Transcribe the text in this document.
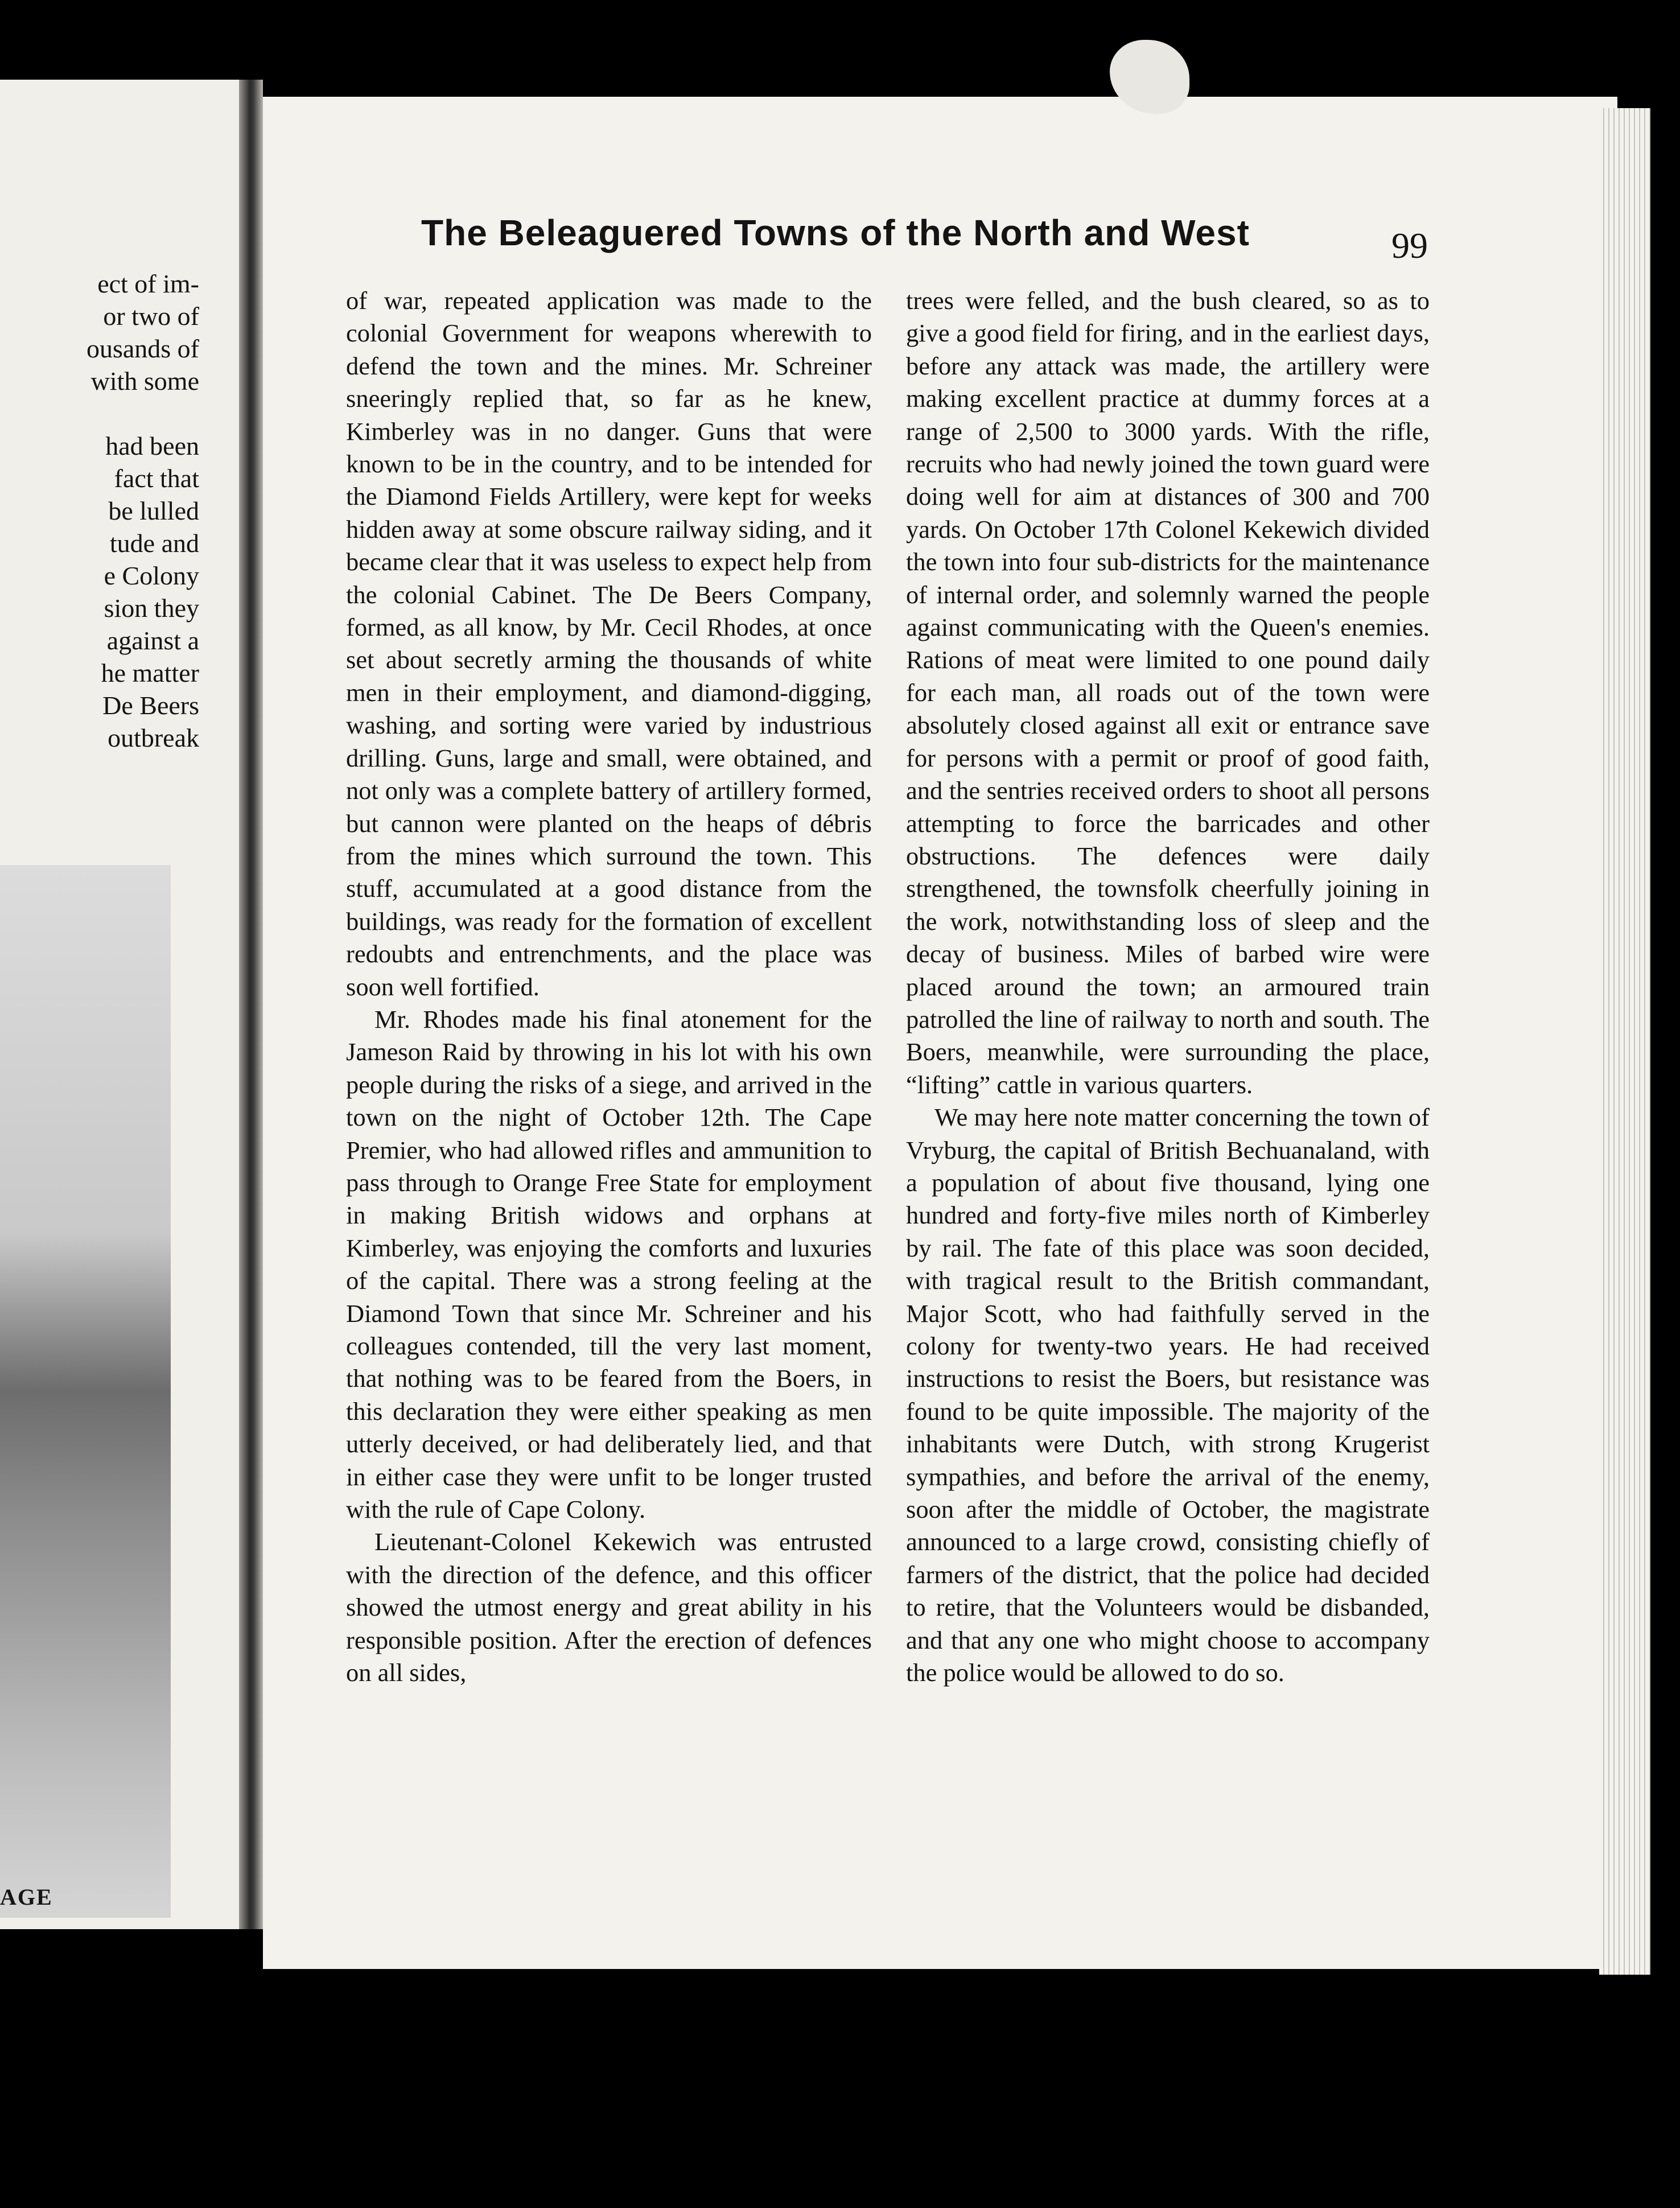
ect of im-
or two of
ousands of
with some

had been
fact that
be lulled
tude and
e Colony
sion they
against a
he matter
De Beers
outbreak
AGE
The Beleaguered Towns of the North and West	99

of war, repeated application was made to the colonial Government for weapons wherewith to defend the town and the mines. Mr. Schreiner sneeringly replied that, so far as he knew, Kimberley was in no danger. Guns that were known to be in the country, and to be intended for the Diamond Fields Artillery, were kept for weeks hidden away at some obscure railway siding, and it became clear that it was useless to expect help from the colonial Cabinet. The De Beers Company, formed, as all know, by Mr. Cecil Rhodes, at once set about secretly arming the thousands of white men in their employment, and diamond-digging, washing, and sorting were varied by industrious drilling. Guns, large and small, were obtained, and not only was a complete battery of artillery formed, but cannon were planted on the heaps of débris from the mines which surround the town. This stuff, accumulated at a good distance from the buildings, was ready for the formation of excellent redoubts and entrenchments, and the place was soon well fortified.

Mr. Rhodes made his final atonement for the Jameson Raid by throwing in his lot with his own people during the risks of a siege, and arrived in the town on the night of October 12th. The Cape Premier, who had allowed rifles and ammunition to pass through to Orange Free State for employment in making British widows and orphans at Kimberley, was enjoying the comforts and luxuries of the capital. There was a strong feeling at the Diamond Town that since Mr. Schreiner and his colleagues contended, till the very last moment, that nothing was to be feared from the Boers, in this declaration they were either speaking as men utterly deceived, or had deliberately lied, and that in either case they were unfit to be longer trusted with the rule of Cape Colony.

Lieutenant-Colonel Kekewich was entrusted with the direction of the defence, and this officer showed the utmost energy and great ability in his responsible position. After the erection of defences on all sides,

trees were felled, and the bush cleared, so as to give a good field for firing, and in the earliest days, before any attack was made, the artillery were making excellent practice at dummy forces at a range of 2,500 to 3000 yards. With the rifle, recruits who had newly joined the town guard were doing well for aim at distances of 300 and 700 yards. On October 17th Colonel Kekewich divided the town into four sub-districts for the maintenance of internal order, and solemnly warned the people against communicating with the Queen's enemies. Rations of meat were limited to one pound daily for each man, all roads out of the town were absolutely closed against all exit or entrance save for persons with a permit or proof of good faith, and the sentries received orders to shoot all persons attempting to force the barricades and other obstructions. The defences were daily strengthened, the townsfolk cheerfully joining in the work, notwithstanding loss of sleep and the decay of business. Miles of barbed wire were placed around the town; an armoured train patrolled the line of railway to north and south. The Boers, meanwhile, were surrounding the place, “lifting” cattle in various quarters.

We may here note matter concerning the town of Vryburg, the capital of British Bechuanaland, with a population of about five thousand, lying one hundred and forty-five miles north of Kimberley by rail. The fate of this place was soon decided, with tragical result to the British commandant, Major Scott, who had faithfully served in the colony for twenty-two years. He had received instructions to resist the Boers, but resistance was found to be quite impossible. The majority of the inhabitants were Dutch, with strong Krugerist sympathies, and before the arrival of the enemy, soon after the middle of October, the magistrate announced to a large crowd, consisting chiefly of farmers of the district, that the police had decided to retire, that the Volunteers would be disbanded, and that any one who might choose to accompany the police would be allowed to do so.
